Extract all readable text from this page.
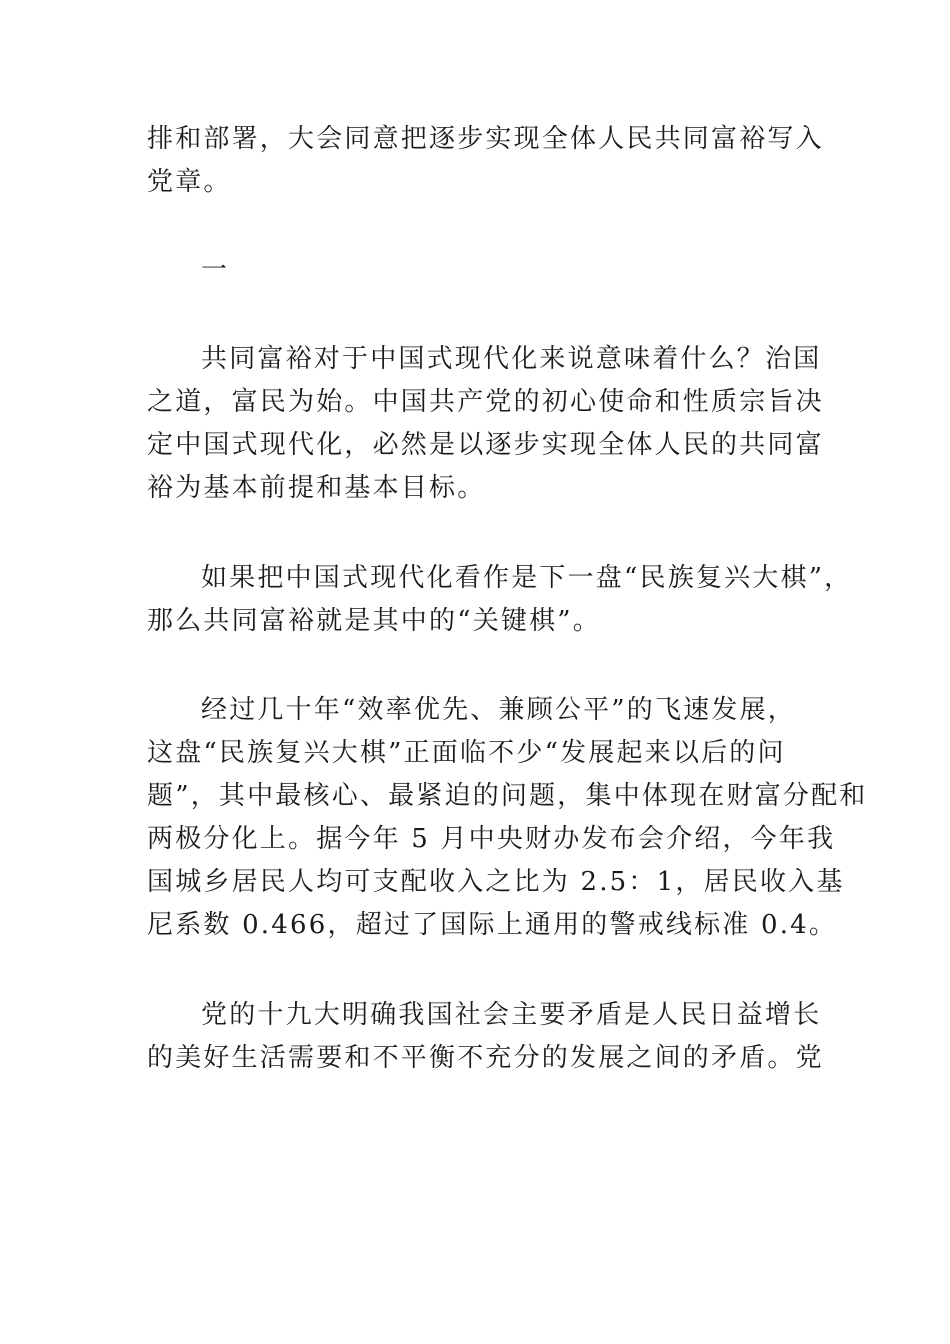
排和部署，大会同意把逐步实现全体人民共同富裕写入
党章。
一
共同富裕对于中国式现代化来说意味着什么？治国
之道，富民为始。中国共产党的初心使命和性质宗旨决
定中国式现代化，必然是以逐步实现全体人民的共同富
裕为基本前提和基本目标。
如果把中国式现代化看作是下一盘“民族复兴大棋”，
那么共同富裕就是其中的“关键棋”。
经过几十年“效率优先、兼顾公平”的飞速发展，
这盘“民族复兴大棋”正面临不少“发展起来以后的问
题”，其中最核心、最紧迫的问题，集中体现在财富分配和
两极分化上。据今年 5 月中央财办发布会介绍，今年我
国城乡居民人均可支配收入之比为 2.5：1，居民收入基
尼系数 0.466，超过了国际上通用的警戒线标准 0.4。
党的十九大明确我国社会主要矛盾是人民日益增长
的美好生活需要和不平衡不充分的发展之间的矛盾。党
